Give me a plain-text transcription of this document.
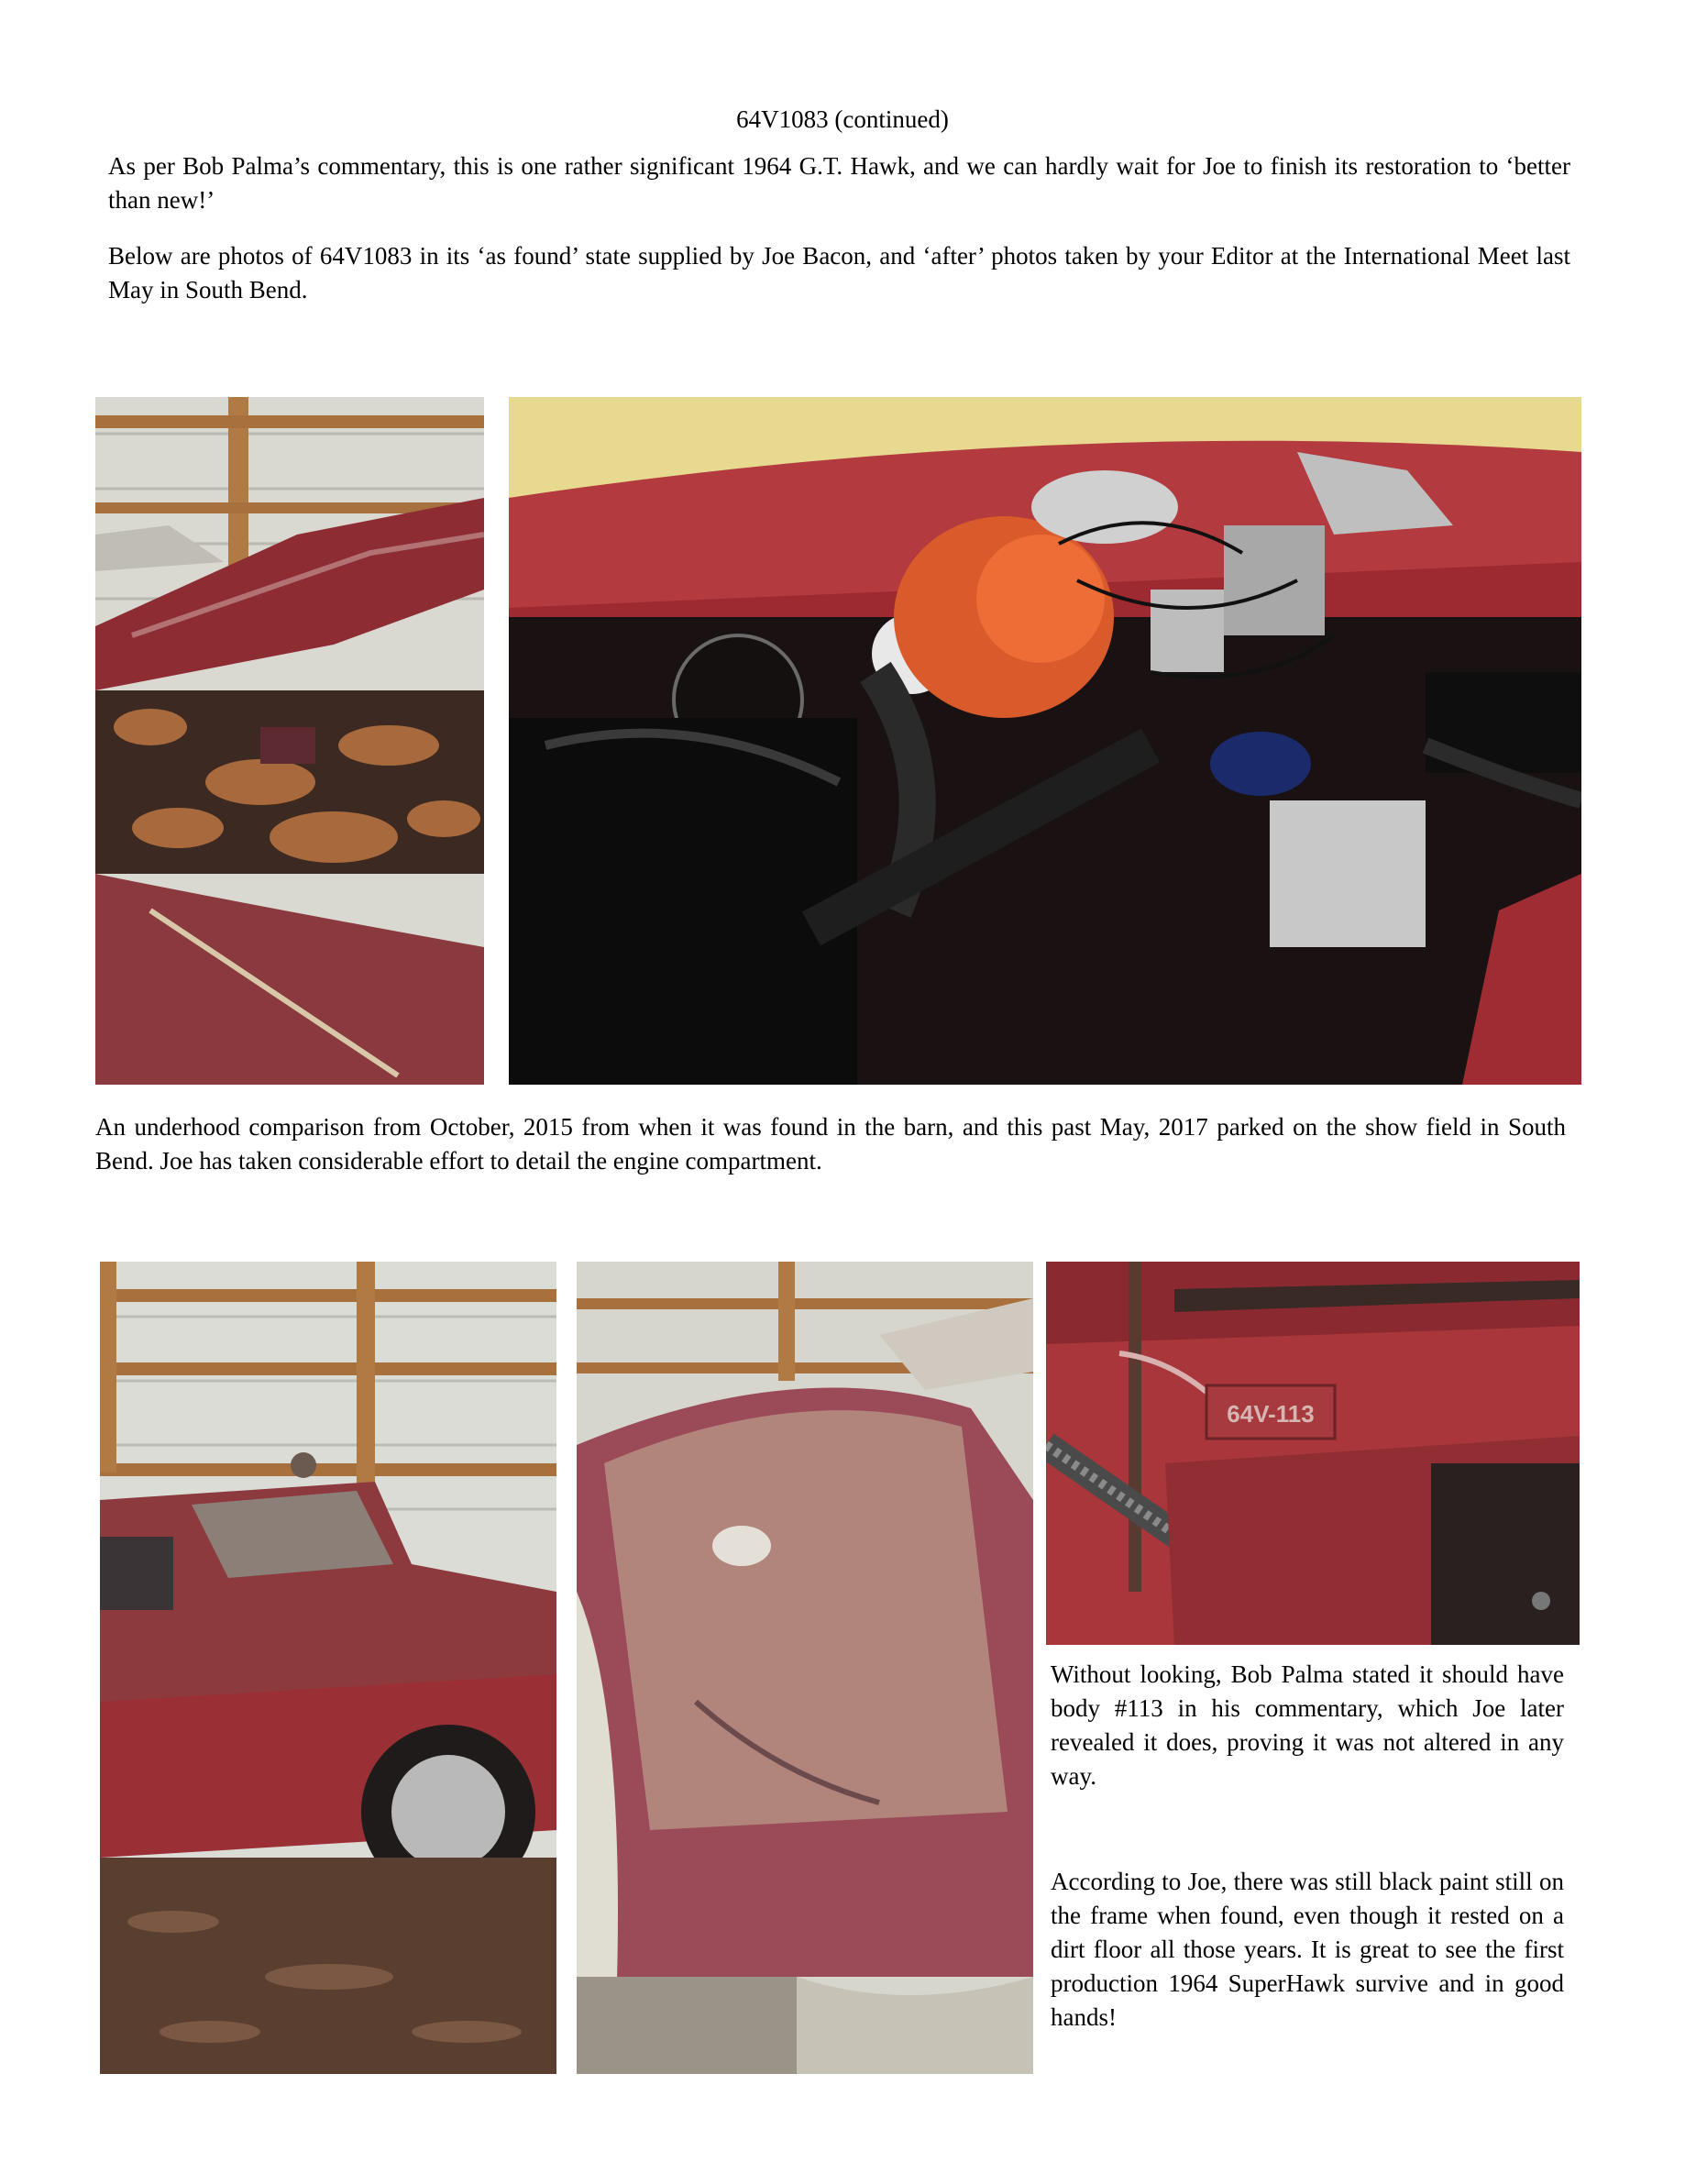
64V1083 (continued)
As per Bob Palma’s commentary, this is one rather significant 1964 G.T. Hawk, and we can hardly wait for Joe to finish its restoration to ‘better than new!’
Below are photos of 64V1083 in its ‘as found’ state supplied by Joe Bacon, and ‘after’ photos taken by your Editor at the International Meet last May in South Bend.
An underhood comparison from October, 2015 from when it was found in the barn, and this past May, 2017 parked on the show field in South Bend. Joe has taken considerable effort to detail the engine compartment.
64V-113
Without looking, Bob Palma stated it should have body #113 in his commentary, which Joe later revealed it does, proving it was not altered in any way.
According to Joe, there was still black paint still on the frame when found, even though it rested on a dirt floor all those years. It is great to see the first production 1964 SuperHawk survive and in good hands!
